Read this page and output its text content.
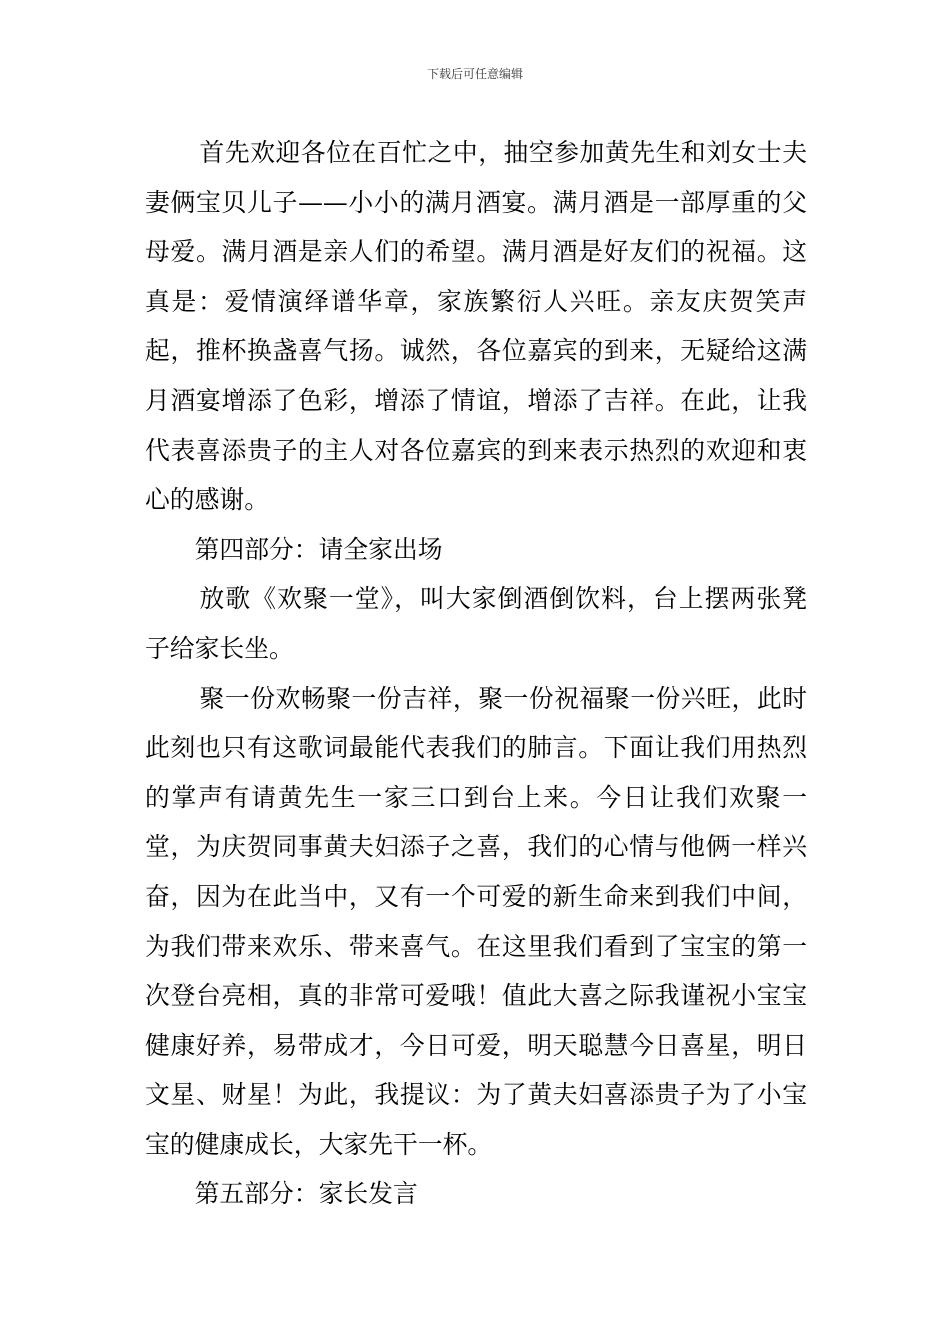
下载后可任意编辑

首先欢迎各位在百忙之中，抽空参加黄先生和刘女士夫妻俩宝贝儿子——小小的满月酒宴。满月酒是一部厚重的父母爱。满月酒是亲人们的希望。满月酒是好友们的祝福。这真是：爱情演绎谱华章，家族繁衍人兴旺。亲友庆贺笑声起，推杯换盏喜气扬。诚然，各位嘉宾的到来，无疑给这满月酒宴增添了色彩，增添了情谊，增添了吉祥。在此，让我代表喜添贵子的主人对各位嘉宾的到来表示热烈的欢迎和衷心的感谢。

第四部分：请全家出场

放歌《欢聚一堂》，叫大家倒酒倒饮料，台上摆两张凳子给家长坐。

聚一份欢畅聚一份吉祥，聚一份祝福聚一份兴旺，此时此刻也只有这歌词最能代表我们的肺言。下面让我们用热烈的掌声有请黄先生一家三口到台上来。今日让我们欢聚一堂，为庆贺同事黄夫妇添子之喜，我们的心情与他俩一样兴奋，因为在此当中，又有一个可爱的新生命来到我们中间，为我们带来欢乐、带来喜气。在这里我们看到了宝宝的第一次登台亮相，真的非常可爱哦！值此大喜之际我谨祝小宝宝健康好养，易带成才，今日可爱，明天聪慧今日喜星，明日文星、财星！为此，我提议：为了黄夫妇喜添贵子为了小宝宝的健康成长，大家先干一杯。

第五部分：家长发言
